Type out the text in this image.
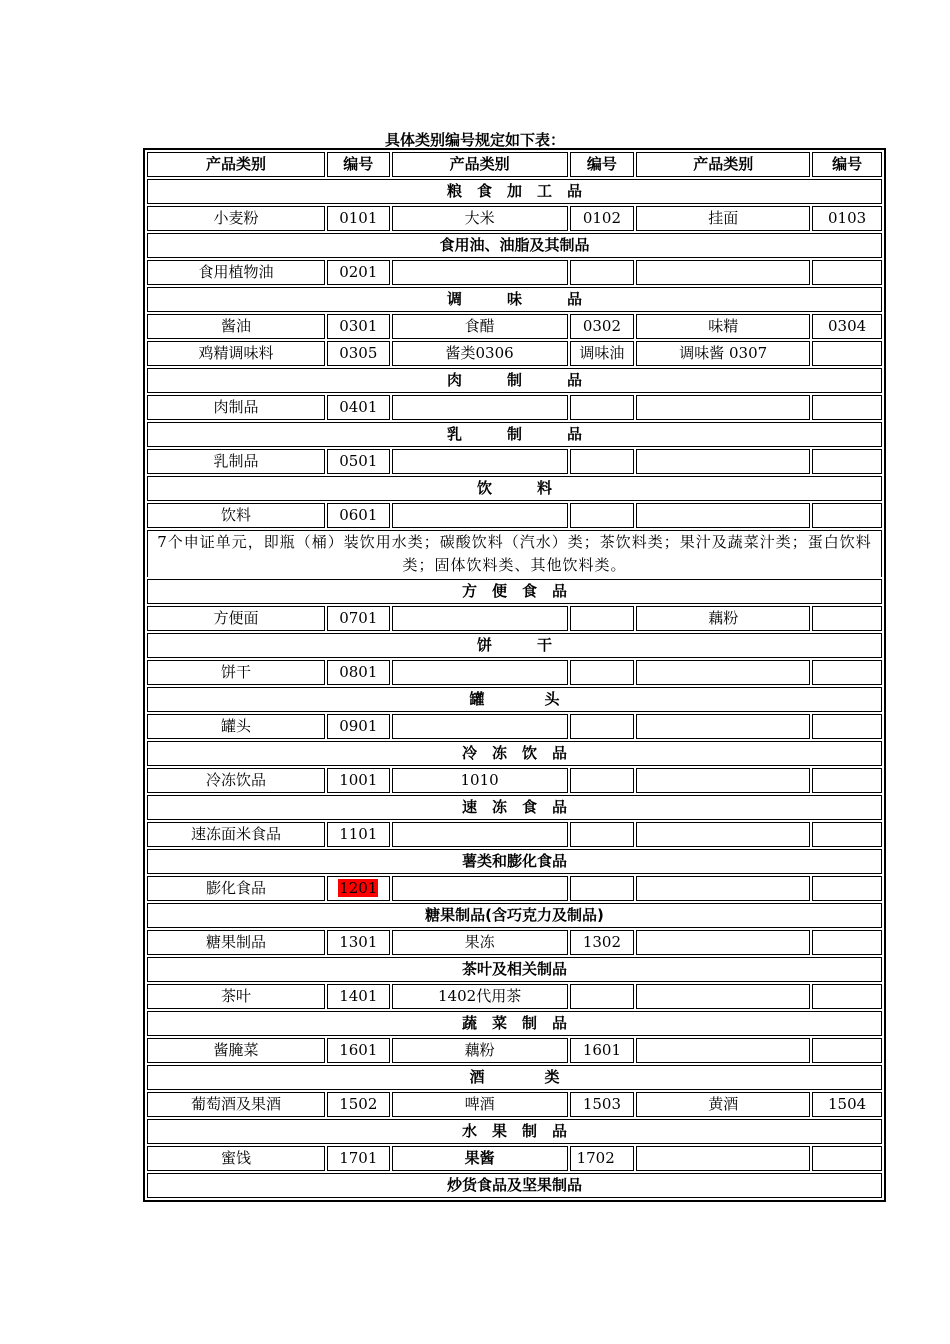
具体类别编号规定如下表：
产品类别	编号	产品类别	编号	产品类别	编号
粮　食　加　工　品					
小麦粉	0101	大米	0102	挂面	0103
食用油、油脂及其制品					
食用植物油	0201				
调　　　味　　　品					
酱油	0301	食醋	0302	味精	0304
鸡精调味料	0305	酱类0306	调味油	调味酱 0307	
肉　　　制　　　品					
肉制品	0401				
乳　　　制　　　品					
乳制品	0501				
饮　　　料					
饮料	0601				
7个申证单元，即瓶（桶）装饮用水类；碳酸饮料（汽水）类；茶饮料类；果汁及蔬菜汁类；蛋白饮料类；固体饮料类、其他饮料类。					
方　便　食　品					
方便面	0701			藕粉	
饼　　　干					
饼干	0801				
罐　　　　头					
罐头	0901				
冷　冻　饮　品					
冷冻饮品	1001	1010			
速　冻　食　品					
速冻面米食品	1101				
薯类和膨化食品					
膨化食品	1201				
糖果制品(含巧克力及制品)					
糖果制品	1301	果冻	1302		
茶叶及相关制品					
茶叶	1401	1402代用茶			
蔬　菜　制　品					
酱腌菜	1601	藕粉	1601		
酒　　　　类					
葡萄酒及果酒	1502	啤酒	1503	黄酒	1504
水　果　制　品					
蜜饯	1701	果酱	1702		
炒货食品及坚果制品					
